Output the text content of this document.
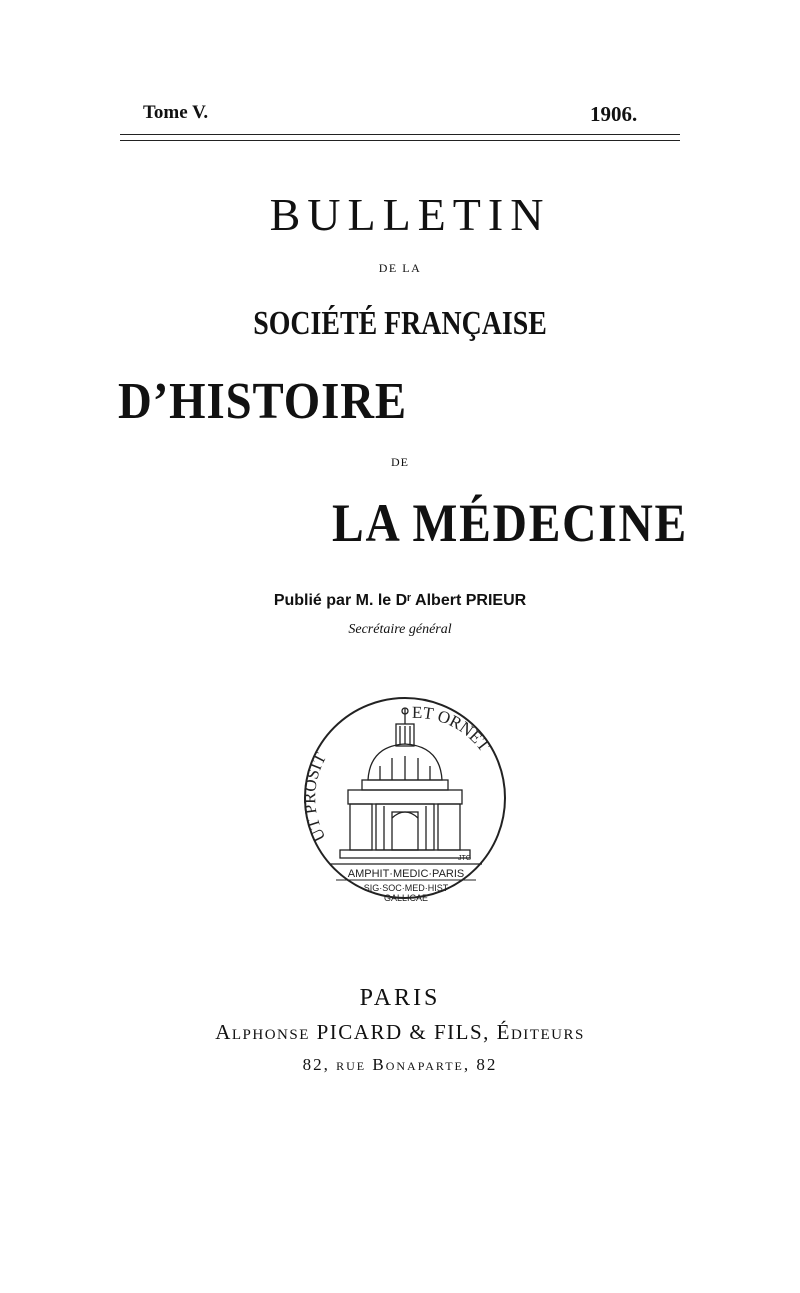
Tome V.	1906.
BULLETIN
DE LA
SOCIÉTÉ FRANÇAISE
D’HISTOIRE
DE
LA MÉDECINE
Publié par M. le Dʳ Albert PRIEUR
Secrétaire général
UT PROSIT
ET ORNET
AMPHIT·MEDIC·PARIS
SIG·SOC·MED·HIST
GALLICAE
JTG
PARIS
Alphonse PICARD & FILS, Éditeurs
82, rue Bonaparte, 82
